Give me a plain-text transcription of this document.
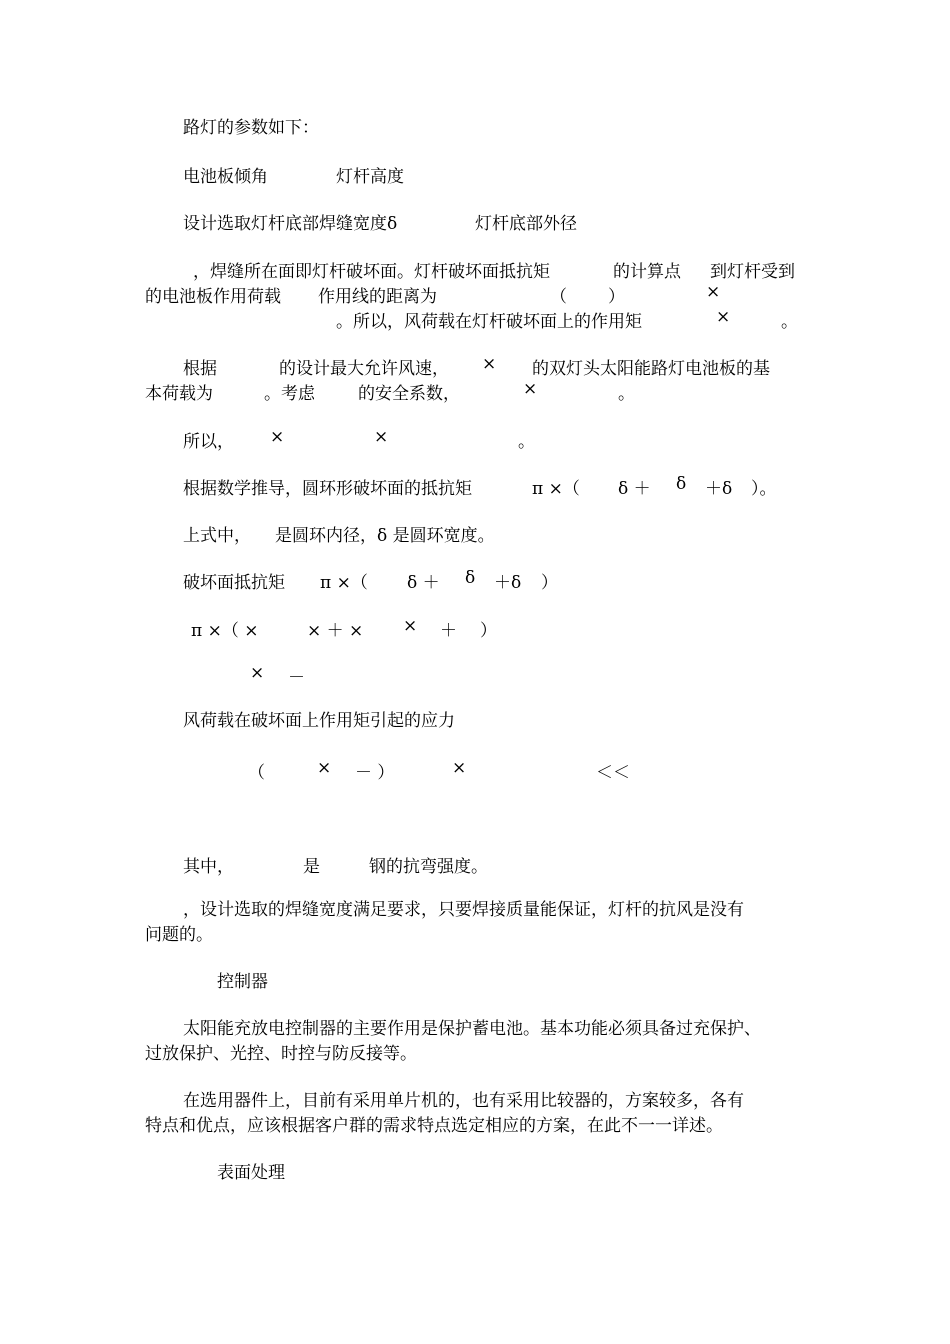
路灯的参数如下：
电池板倾角	灯杆高度
设计选取灯杆底部焊缝宽度δ	灯杆底部外径
，焊缝所在面即灯杆破坏面。灯杆破坏面抵抗矩	的计算点 到灯杆受到
的电池板作用荷载 作用线的距离为	（ ）	×
。所以，风荷载在灯杆破坏面上的作用矩	×	。
根据	的设计最大允许风速， × 的双灯头太阳能路灯电池板的基
本荷载为	。考虑	的安全系数，	×	。
所以， ×	×	。
根据数学推导，圆环形破坏面的抵抗矩	π ×（ δ ＋ δ ＋δ ）。
上式中， 是圆环内径，δ 是圆环宽度。
破坏面抵抗矩 π ×（ δ ＋ δ ＋δ ）
π ×（ ×	× ＋ × × ＋ ）
× －
风荷载在破坏面上作用矩引起的应力
（	× － ）	×	＜＜
其中，	是	钢的抗弯强度。
，设计选取的焊缝宽度满足要求，只要焊接质量能保证，灯杆的抗风是没有
问题的。
控制器
太阳能充放电控制器的主要作用是保护蓄电池。基本功能必须具备过充保护、
过放保护、光控、时控与防反接等。
在选用器件上，目前有采用单片机的，也有采用比较器的，方案较多，各有
特点和优点，应该根据客户群的需求特点选定相应的方案，在此不一一详述。
表面处理
